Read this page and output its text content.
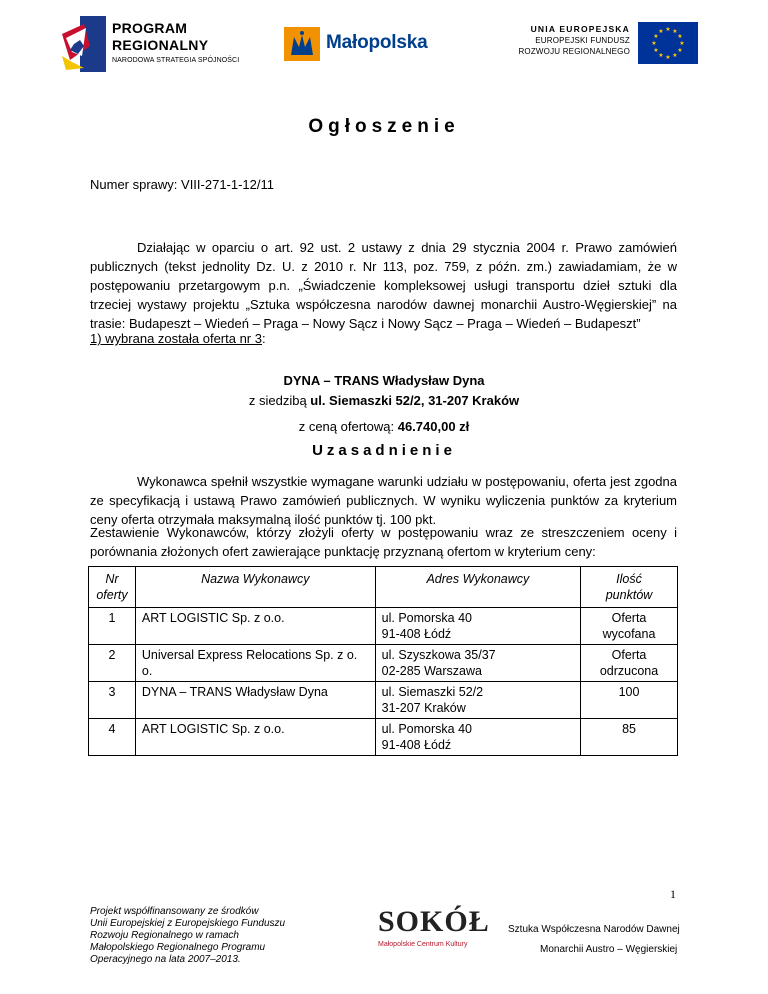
PROGRAM
REGIONALNY
NARODOWA STRATEGIA SPÓJNOŚCI
Małopolska
UNIA EUROPEJSKA
EUROPEJSKI FUNDUSZ
ROZWOJU REGIONALNEGO
★ ★
★
★
★
★
★
★
★
★
★
★
Ogłoszenie
Numer sprawy: VIII-271-1-12/11
Działając w oparciu o art. 92 ust. 2 ustawy z dnia 29 stycznia 2004 r. Prawo zamówień publicznych (tekst jednolity Dz. U. z 2010 r. Nr 113, poz. 759, z późn. zm.) zawiadamiam, że w postępowaniu przetargowym p.n. „Świadczenie kompleksowej usługi transportu dzieł sztuki dla trzeciej wystawy projektu „Sztuka współczesna narodów dawnej monarchii Austro-Węgierskiej” na trasie: Budapeszt – Wiedeń – Praga – Nowy Sącz i Nowy Sącz – Praga – Wiedeń – Budapeszt”
1) wybrana została oferta nr 3:
DYNA – TRANS Władysław Dyna
z siedzibą ul. Siemaszki 52/2, 31-207 Kraków
z ceną ofertową: 46.740,00 zł
Uzasadnienie
Wykonawca spełnił wszystkie wymagane warunki udziału w postępowaniu, oferta jest zgodna ze specyfikacją i ustawą Prawo zamówień publicznych. W wyniku wyliczenia punktów za kryterium ceny oferta otrzymała maksymalną ilość punktów tj. 100 pkt.
Zestawienie Wykonawców, którzy złożyli oferty w postępowaniu wraz ze streszczeniem oceny i porównania złożonych ofert zawierające punktację przyznaną ofertom w kryterium ceny:
Nr
oferty	Nazwa Wykonawcy	Adres Wykonawcy	Ilość
punktów
1	ART LOGISTIC Sp. z o.o.	ul. Pomorska 40
91-408 Łódź	Oferta
wycofana
2	Universal Express Relocations Sp. z o. o.	ul. Szyszkowa 35/37
02-285 Warszawa	Oferta
odrzucona
3	DYNA – TRANS Władysław Dyna	ul. Siemaszki 52/2
31-207 Kraków	100
4	ART LOGISTIC Sp. z o.o.	ul. Pomorska 40
91-408 Łódź	85
1
Projekt współfinansowany ze środków
Unii Europejskiej z Europejskiego Funduszu
Rozwoju Regionalnego w ramach
Małopolskiego Regionalnego Programu
Operacyjnego na lata 2007–2013.
SOKÓŁ
Małopolskie Centrum Kultury
Sztuka Współczesna Narodów Dawnej
Monarchii Austro – Węgierskiej
